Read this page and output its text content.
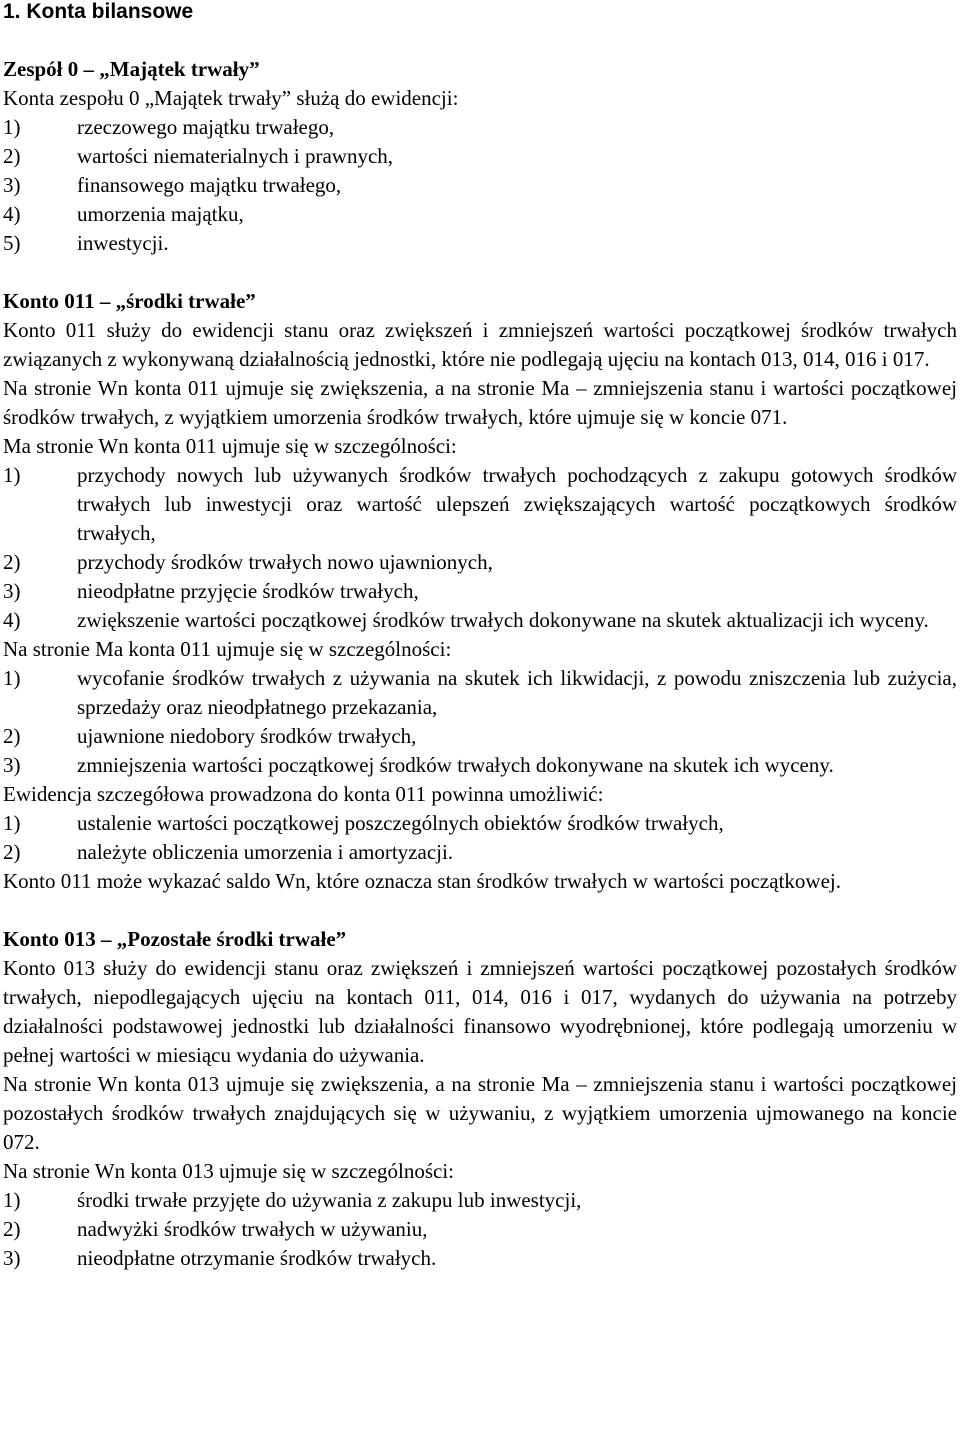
1. Konta bilansowe
Zespół 0 – „Majątek trwały”

Konta zespołu 0 „Majątek trwały” służą do ewidencji:

1)	rzeczowego majątku trwałego,
2)	wartości niematerialnych i prawnych,
3)	finansowego majątku trwałego,
4)	umorzenia majątku,
5)	inwestycji.
Konto 011 – „środki trwałe”

Konto 011 służy do ewidencji stanu oraz zwiększeń i zmniejszeń wartości początkowej środków trwałych związanych z wykonywaną działalnością jednostki, które nie podlegają ujęciu na kontach 013, 014, 016 i 017.

Na stronie Wn konta 011 ujmuje się zwiększenia, a na stronie Ma – zmniejszenia stanu i wartości początkowej środków trwałych, z wyjątkiem umorzenia środków trwałych, które ujmuje się w koncie 071.

Ma stronie Wn konta 011 ujmuje się w szczególności:

1)	przychody nowych lub używanych środków trwałych pochodzących z zakupu gotowych środków trwałych lub inwestycji oraz wartość ulepszeń zwiększających wartość początkowych środków trwałych,
2)	przychody środków trwałych nowo ujawnionych,
3)	nieodpłatne przyjęcie środków trwałych,
4)	zwiększenie wartości początkowej środków trwałych dokonywane na skutek aktualizacji ich wyceny.

Na stronie Ma konta 011 ujmuje się w szczególności:

1)	wycofanie środków trwałych z używania na skutek ich likwidacji, z powodu zniszczenia lub zużycia, sprzedaży oraz nieodpłatnego przekazania,
2)	ujawnione niedobory środków trwałych,
3)	zmniejszenia wartości początkowej środków trwałych dokonywane na skutek ich wyceny.

Ewidencja szczegółowa prowadzona do konta 011 powinna umożliwić:

1)	ustalenie wartości początkowej poszczególnych obiektów środków trwałych,
2)	należyte obliczenia umorzenia i amortyzacji.

Konto 011 może wykazać saldo Wn, które oznacza stan środków trwałych w wartości początkowej.

Konto 013 – „Pozostałe środki trwałe”

Konto 013 służy do ewidencji stanu oraz zwiększeń i zmniejszeń wartości początkowej pozostałych środków trwałych, niepodlegających ujęciu na kontach 011, 014, 016 i 017, wydanych do używania na potrzeby działalności podstawowej jednostki lub działalności finansowo wyodrębnionej, które podlegają umorzeniu w pełnej wartości w miesiącu wydania do używania.

Na stronie Wn konta 013 ujmuje się zwiększenia, a na stronie Ma – zmniejszenia stanu i wartości początkowej pozostałych środków trwałych znajdujących się w używaniu, z wyjątkiem umorzenia ujmowanego na koncie 072.

Na stronie Wn konta 013 ujmuje się w szczególności:

1)	środki trwałe przyjęte do używania z zakupu lub inwestycji,
2)	nadwyżki środków trwałych w używaniu,
3)	nieodpłatne otrzymanie środków trwałych.
